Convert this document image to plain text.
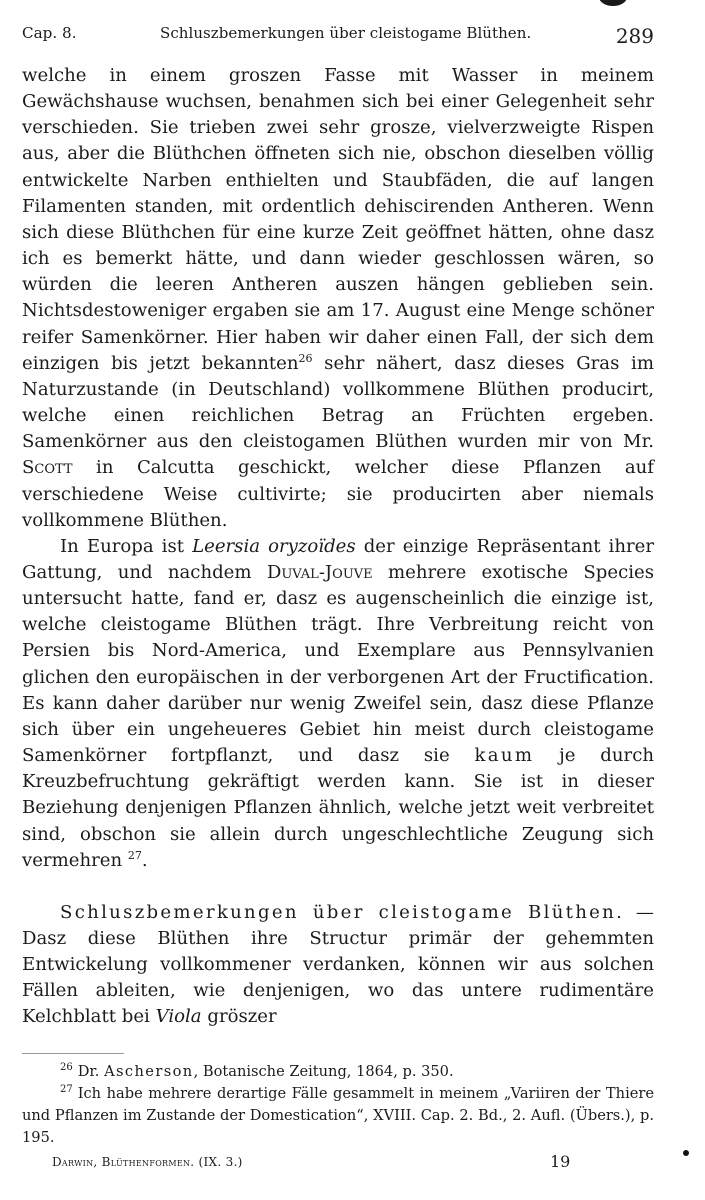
Cap. 8.	Schluszbemerkungen über cleistogame Blüthen.	289

welche in einem groszen Fasse mit Wasser in meinem Gewächshause wuchsen, benahmen sich bei einer Gelegenheit sehr verschieden. Sie trieben zwei sehr grosze, vielverzweigte Rispen aus, aber die Blüthchen öffneten sich nie, obschon dieselben völlig entwickelte Narben enthielten und Staubfäden, die auf langen Filamenten standen, mit ordentlich dehiscirenden Antheren. Wenn sich diese Blüthchen für eine kurze Zeit geöffnet hätten, ohne dasz ich es bemerkt hätte, und dann wieder geschlossen wären, so würden die leeren Antheren auszen hängen geblieben sein. Nichtsdestoweniger ergaben sie am 17. August eine Menge schöner reifer Samenkörner. Hier haben wir daher einen Fall, der sich dem einzigen bis jetzt bekannten$^{26}$ sehr nähert, dasz dieses Gras im Naturzustande (in Deutschland) vollkommene Blüthen producirt, welche einen reichlichen Betrag an Früchten ergeben. Samenkörner aus den cleistogamen Blüthen wurden mir von Mr. Scott in Calcutta geschickt, welcher diese Pflanzen auf verschiedene Weise cultivirte; sie producirten aber niemals vollkommene Blüthen.

In Europa ist Leersia oryzoïdes der einzige Repräsentant ihrer Gattung, und nachdem Duval-Jouve mehrere exotische Species untersucht hatte, fand er, dasz es augenscheinlich die einzige ist, welche cleistogame Blüthen trägt. Ihre Verbreitung reicht von Persien bis Nord-America, und Exemplare aus Pennsylvanien glichen den europäischen in der verborgenen Art der Fructification. Es kann daher darüber nur wenig Zweifel sein, dasz diese Pflanze sich über ein ungeheueres Gebiet hin meist durch cleistogame Samenkörner fortpflanzt, und dasz sie kaum je durch Kreuzbefruchtung gekräftigt werden kann. Sie ist in dieser Beziehung denjenigen Pflanzen ähnlich, welche jetzt weit verbreitet sind, obschon sie allein durch ungeschlechtliche Zeugung sich vermehren $^{27}$.

Schluszbemerkungen über cleistogame Blüthen. — Dasz diese Blüthen ihre Structur primär der gehemmten Entwickelung vollkommener verdanken, können wir aus solchen Fällen ableiten, wie denjenigen, wo das untere rudimentäre Kelchblatt bei Viola gröszer

$^{26}$ Dr. Ascherson, Botanische Zeitung, 1864, p. 350.

$^{27}$ Ich habe mehrere derartige Fälle gesammelt in meinem „Variiren der Thiere und Pflanzen im Zustande der Domestication“, XVIII. Cap. 2. Bd., 2. Aufl. (Übers.), p. 195.

Darwin, Blüthenformen. (IX. 3.)	19
